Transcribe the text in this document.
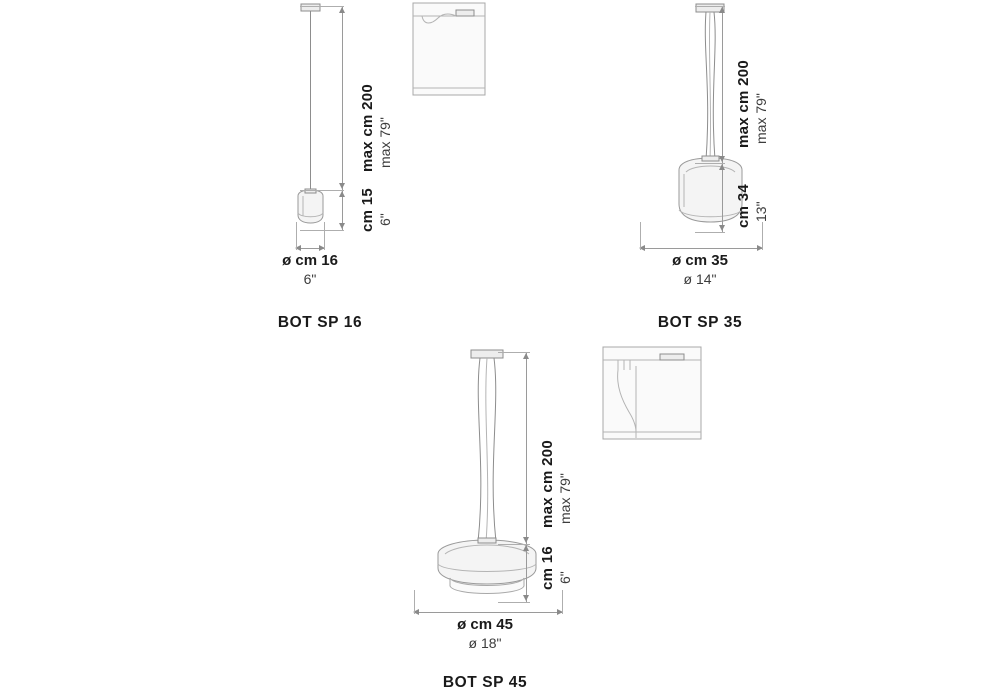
max cm 200 max 79"
cm 15 6"
ø cm 16
6"
BOT SP 16
max cm 200 max 79"
cm 34 13"
ø cm 35
ø 14"
BOT SP 35
max cm 200 max 79"
cm 16 6"
ø cm 45
ø 18"
BOT SP 45
